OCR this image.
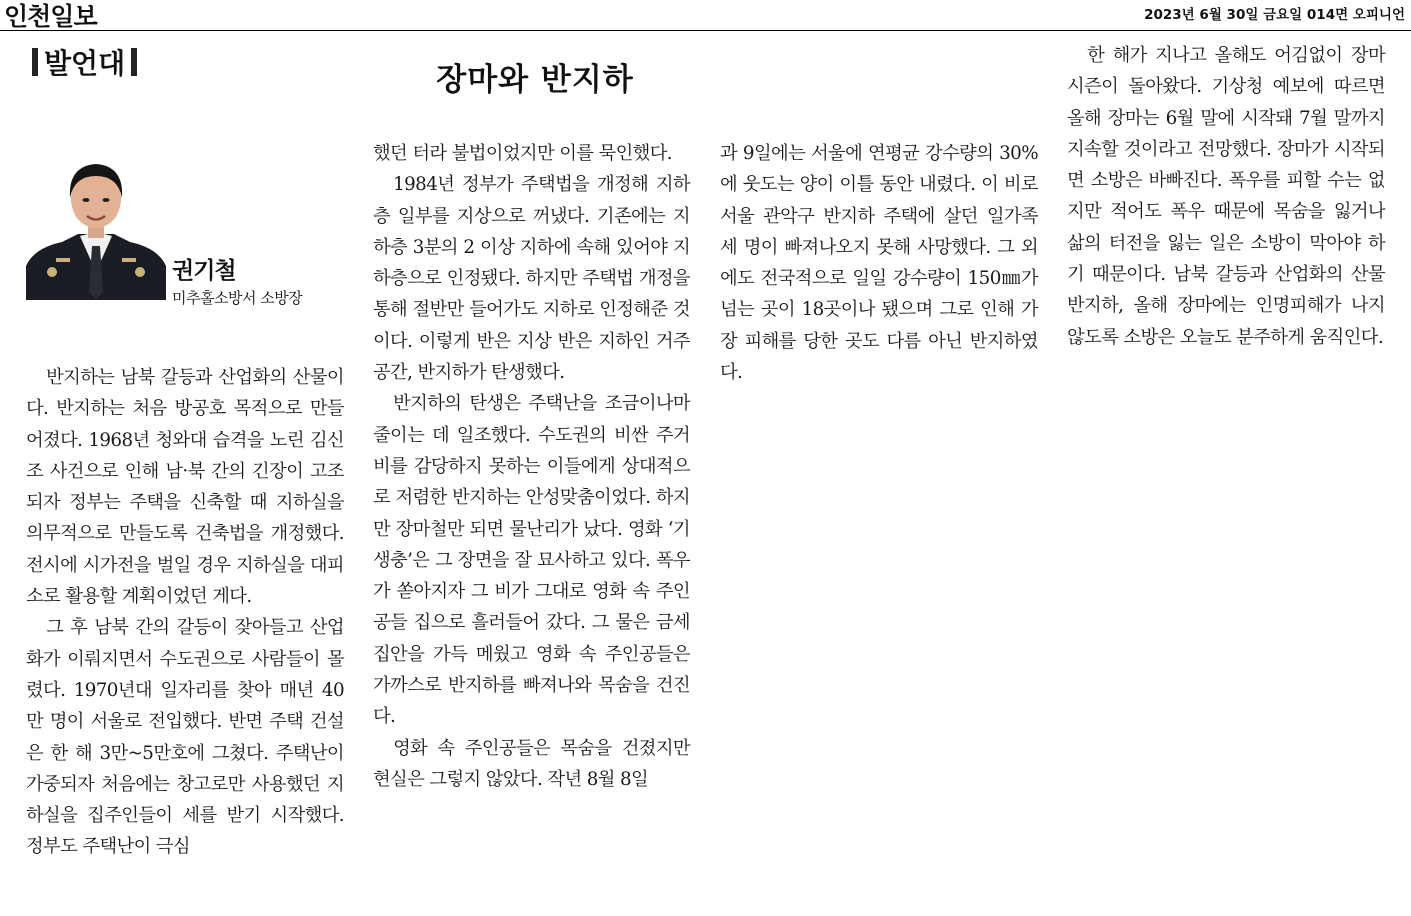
인천일보	2023년 6월 30일 금요일 014면 오피니언
발언대	장마와 반지하
권기철
미추홀소방서 소방장

반지하는 남북 갈등과 산업화의 산물이다. 반지하는 처음 방공호 목적으로 만들어졌다. 1968년 청와대 습격을 노린 김신조 사건으로 인해 남·북 간의 긴장이 고조되자 정부는 주택을 신축할 때 지하실을 의무적으로 만들도록 건축법을 개정했다. 전시에 시가전을 벌일 경우 지하실을 대피소로 활용할 계획이었던 게다.

그 후 남북 간의 갈등이 잦아들고 산업화가 이뤄지면서 수도권으로 사람들이 몰렸다. 1970년대 일자리를 찾아 매년 40만 명이 서울로 전입했다. 반면 주택 건설은 한 해 3만~5만호에 그쳤다. 주택난이 가중되자 처음에는 창고로만 사용했던 지하실을 집주인들이 세를 받기 시작했다. 정부도 주택난이 극심

했던 터라 불법이었지만 이를 묵인했다.

1984년 정부가 주택법을 개정해 지하층 일부를 지상으로 꺼냈다. 기존에는 지하층 3분의 2 이상 지하에 속해 있어야 지하층으로 인정됐다. 하지만 주택법 개정을 통해 절반만 들어가도 지하로 인정해준 것이다. 이렇게 반은 지상 반은 지하인 거주 공간, 반지하가 탄생했다.

반지하의 탄생은 주택난을 조금이나마 줄이는 데 일조했다. 수도권의 비싼 주거비를 감당하지 못하는 이들에게 상대적으로 저렴한 반지하는 안성맞춤이었다. 하지만 장마철만 되면 물난리가 났다. 영화 ‘기생충’은 그 장면을 잘 묘사하고 있다. 폭우가 쏟아지자 그 비가 그대로 영화 속 주인공들 집으로 흘러들어 갔다. 그 물은 금세 집안을 가득 메웠고 영화 속 주인공들은 가까스로 반지하를 빠져나와 목숨을 건진다.

영화 속 주인공들은 목숨을 건졌지만 현실은 그렇지 않았다. 작년 8월 8일

과 9일에는 서울에 연평균 강수량의 30%에 웃도는 양이 이틀 동안 내렸다. 이 비로 서울 관악구 반지하 주택에 살던 일가족 세 명이 빠져나오지 못해 사망했다. 그 외에도 전국적으로 일일 강수량이 150㎜가 넘는 곳이 18곳이나 됐으며 그로 인해 가장 피해를 당한 곳도 다름 아닌 반지하였다.

한 해가 지나고 올해도 어김없이 장마시즌이 돌아왔다. 기상청 예보에 따르면 올해 장마는 6월 말에 시작돼 7월 말까지 지속할 것이라고 전망했다. 장마가 시작되면 소방은 바빠진다. 폭우를 피할 수는 없지만 적어도 폭우 때문에 목숨을 잃거나 삶의 터전을 잃는 일은 소방이 막아야 하기 때문이다. 남북 갈등과 산업화의 산물 반지하, 올해 장마에는 인명피해가 나지 않도록 소방은 오늘도 분주하게 움직인다.
